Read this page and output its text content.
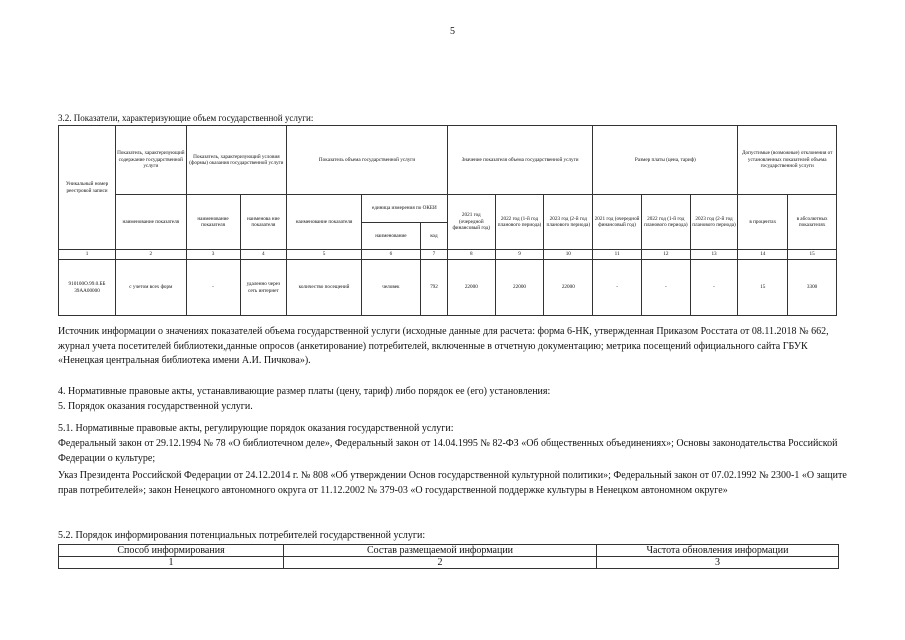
5
3.2. Показатели, характеризующие объем государственной услуги:
Уникальный номер реестровой записи	Показатель, характеризующий содержание государственной услуги	Показатель, характеризующий условия (формы) оказания государственной услуги		Показатель объема государственной услуги			Значение показателя объема государственной услуги			Размер платы (цена, тариф)			Допустимые (возможные) отклонения от установленных показателей объема государственной услуги	
	наименование показателя	наименование показателя	наименова ние показателя	наименование показателя	единица измерения по ОКЕИ		2021 год (очередной финансовый год)	2022 год (1-й год планового периода)	2023 год (2-й год планового периода)	2021 год (очередной финансовый год)	2022 год (1-й год планового периода)	2023 год (2-й год планового периода)	в процентах	в абсолютных показателях
					наименование	код								
1	2	3	4	5	6	7	8	9	10	11	12	13	14	15
910100О.99.0.ББ 39АА00000	с учетом всех форм	-	удаленно через сеть интернет	количество посещений	человек	792	22000	22000	22000	-	-	-	15	3300

Источник информации о значениях показателей объема государственной услуги (исходные данные для расчета: форма 6-НК, утвержденная Приказом Росстата от 08.11.2018 № 662, журнал учета посетителей библиотеки,данные опросов (анкетирование) потребителей, включенные в отчетную документацию; метрика посещений официального сайта ГБУК «Ненецкая центральная библиотека имени А.И. Пичкова»).

4. Нормативные правовые акты, устанавливающие размер платы (цену, тариф) либо порядок ее (его) установления:

5. Порядок оказания государственной услуги.

5.1. Нормативные правовые акты, регулирующие порядок оказания государственной услуги:

Федеральный закон от 29.12.1994 № 78 «О библиотечном деле», Федеральный закон от 14.04.1995 № 82-ФЗ «Об общественных объединениях»; Основы законодательства Российской Федерации о культуре;

Указ Президента Российской Федерации от 24.12.2014 г. № 808 «Об утверждении Основ государственной культурной политики»; Федеральный закон от 07.02.1992 № 2300-1 «О защите прав потребителей»; закон Ненецкого автономного округа от 11.12.2002 № 379-03 «О государственной поддержке культуры в Ненецком автономном округе»

5.2. Порядок информирования потенциальных потребителей государственной услуги:

Способ информирования	Состав размещаемой информации	Частота обновления информации
1	2	3
